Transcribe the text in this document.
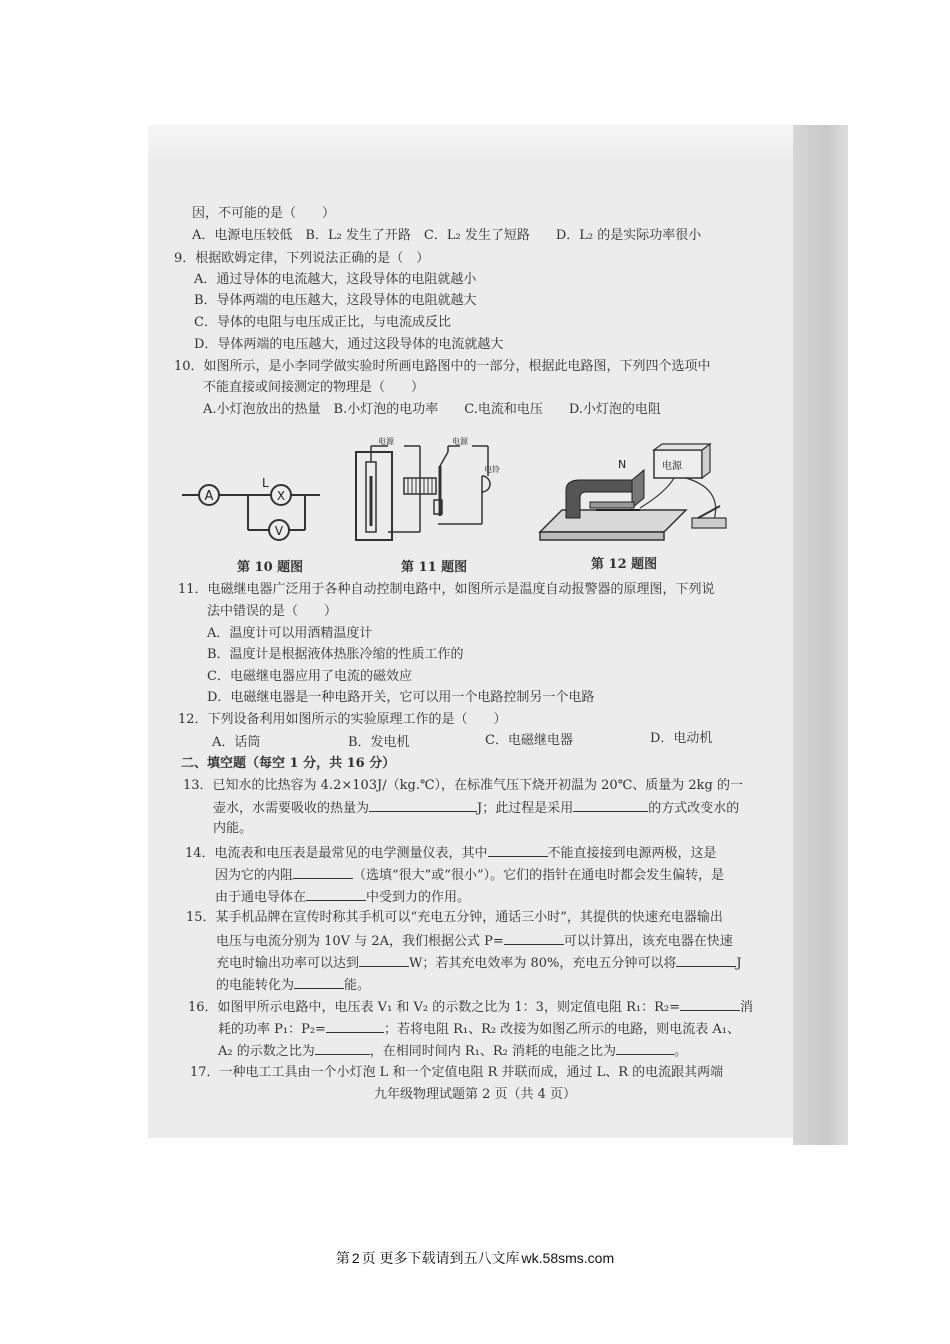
因，不可能的是（　　）
A．电源电压较低　B．L₂ 发生了开路　C．L₂ 发生了短路　　D．L₂ 的是实际功率很小
9．根据欧姆定律，下列说法正确的是（　）
A．通过导体的电流越大，这段导体的电阻就越小
B．导体两端的电压越大，这段导体的电阻就越大
C．导体的电阻与电压成正比，与电流成反比
D．导体两端的电压越大，通过这段导体的电流就越大
10．如图所示，是小李同学做实验时所画电路图中的一部分，根据此电路图，下列四个选项中
不能直接或间接测定的物理是（　　）
A.小灯泡放出的热量　B.小灯泡的电功率　　C.电流和电压　　D.小灯泡的电阻
A	X
L
V
第 10 题图
电源	电源
电铃
第 11 题图
N	电源
第 12 题图
11．电磁继电器广泛用于各种自动控制电路中，如图所示是温度自动报警器的原理图，下列说
法中错误的是（　　）
A．温度计可以用酒精温度计
B．温度计是根据液体热胀冷缩的性质工作的
C．电磁继电器应用了电流的磁效应
D．电磁继电器是一种电路开关，它可以用一个电路控制另一个电路
12．下列设备利用如图所示的实验原理工作的是（　　）
A．话筒	B．发电机	C．电磁继电器	D．电动机
二、填空题（每空 1 分，共 16 分）
13．已知水的比热容为 4.2×103J/（kg.℃），在标准气压下烧开初温为 20℃、质量为 2kg 的一
壶水，水需要吸收的热量为	J；此过程是采用	的方式改变水的
内能。
14．电流表和电压表是最常见的电学测量仪表，其中	不能直接接到电源两极，这是
因为它的内阻	（选填“很大”或“很小”）。它们的指针在通电时都会发生偏转，是
由于通电导体在	中受到力的作用。
15．某手机品牌在宣传时称其手机可以“充电五分钟，通话三小时”，其提供的快速充电器输出
电压与电流分别为 10V 与 2A，我们根据公式 P=	可以计算出，该充电器在快速
充电时输出功率可以达到	W；若其充电效率为 80%，充电五分钟可以将	J
的电能转化为	能。
16．如图甲所示电路中，电压表 V₁ 和 V₂ 的示数之比为 1：3，则定值电阻 R₁：R₂=	消
耗的功率 P₁：P₂=	；若将电阻 R₁、R₂ 改接为如图乙所示的电路，则电流表 A₁、
A₂ 的示数之比为	，在相同时间内 R₁、R₂ 消耗的电能之比为	。
17．一种电工工具由一个小灯泡 L 和一个定值电阻 R 并联而成，通过 L、R 的电流跟其两端
九年级物理试题第 2 页（共 4 页）
第 2 页 更多下载请到五八文库 wk.58sms.com
